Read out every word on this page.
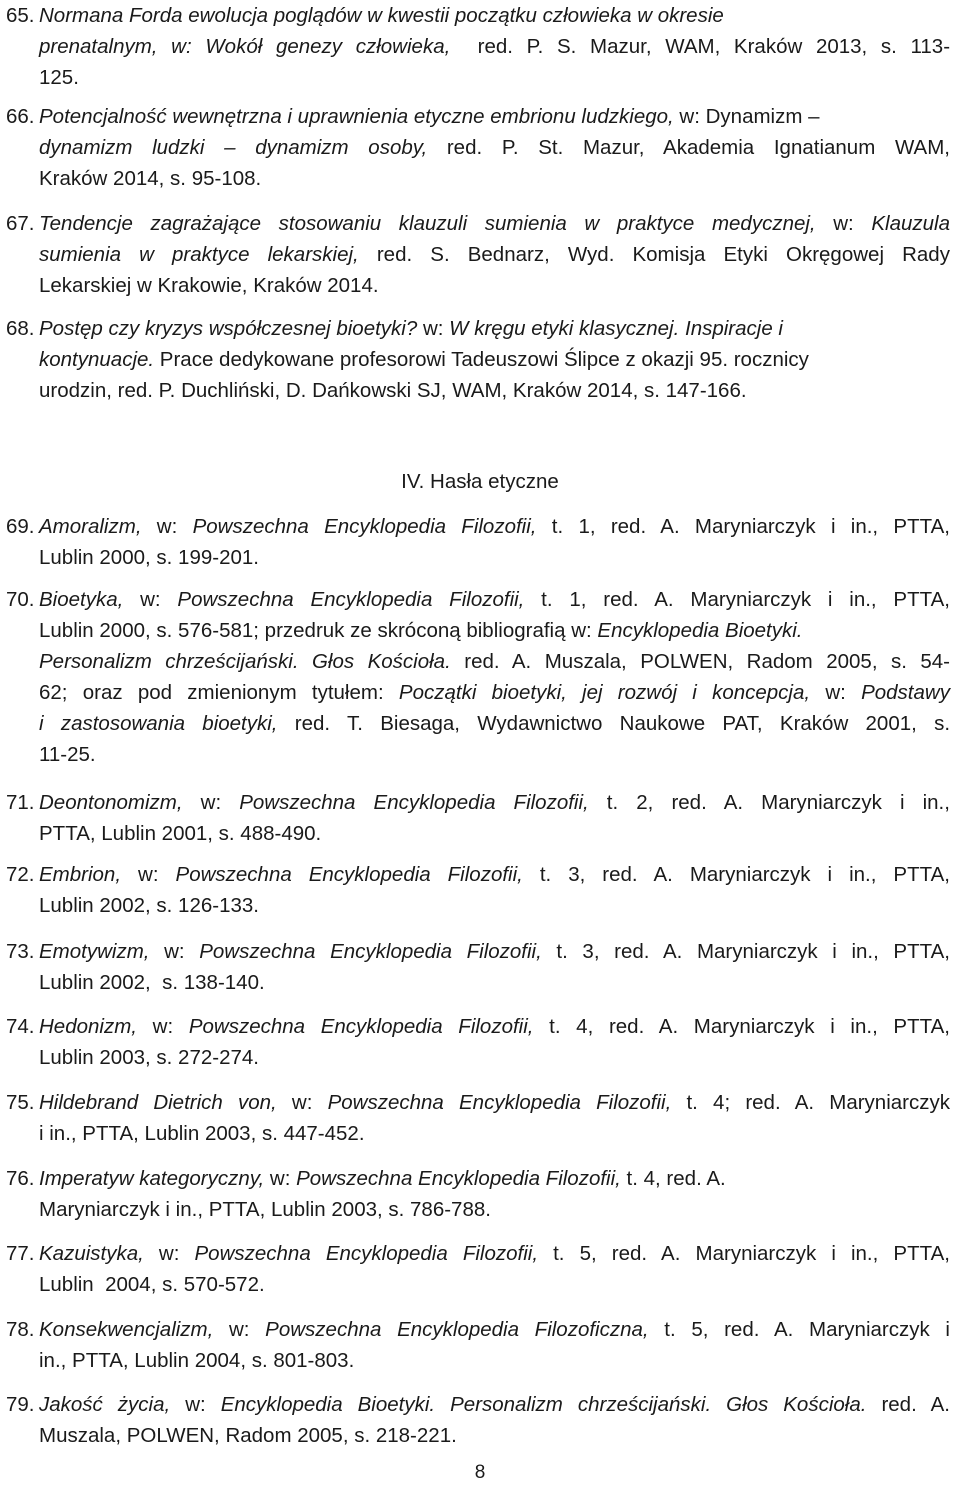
65. Normana Forda ewolucja poglądów w kwestii początku człowieka w okresie
prenatalnym, w: Wokół genezy człowieka,  red. P. S. Mazur, WAM, Kraków 2013, s. 113-
125.
66. Potencjalność wewnętrzna i uprawnienia etyczne embrionu ludzkiego, w: Dynamizm –
dynamizm ludzki – dynamizm osoby, red. P. St. Mazur, Akademia Ignatianum WAM,
Kraków 2014, s. 95-108.
67. Tendencje zagrażające stosowaniu klauzuli sumienia w praktyce medycznej, w: Klauzula
sumienia w praktyce lekarskiej, red. S. Bednarz, Wyd. Komisja Etyki Okręgowej Rady
Lekarskiej w Krakowie, Kraków 2014.
68. Postęp czy kryzys współczesnej bioetyki? w: W kręgu etyki klasycznej. Inspiracje i
kontynuacje. Prace dedykowane profesorowi Tadeuszowi Ślipce z okazji 95. rocznicy
urodzin, red. P. Duchliński, D. Dańkowski SJ, WAM, Kraków 2014, s. 147-166.
69. Amoralizm, w: Powszechna Encyklopedia Filozofii, t. 1, red. A. Maryniarczyk i in., PTTA,
Lublin 2000, s. 199-201.
70. Bioetyka, w: Powszechna Encyklopedia Filozofii, t. 1, red. A. Maryniarczyk i in., PTTA,
Lublin 2000, s. 576-581; przedruk ze skróconą bibliografią w: Encyklopedia Bioetyki.
Personalizm chrześcijański. Głos Kościoła. red. A. Muszala, POLWEN, Radom 2005, s. 54-
62; oraz pod zmienionym tytułem: Początki bioetyki, jej rozwój i koncepcja, w: Podstawy
i zastosowania bioetyki, red. T. Biesaga, Wydawnictwo Naukowe PAT, Kraków 2001, s.
11-25.
71. Deontonomizm, w: Powszechna Encyklopedia Filozofii, t. 2, red. A. Maryniarczyk i in.,
PTTA, Lublin 2001, s. 488-490.
72. Embrion, w: Powszechna Encyklopedia Filozofii, t. 3, red. A. Maryniarczyk i in., PTTA,
Lublin 2002, s. 126-133.
73. Emotywizm, w: Powszechna Encyklopedia Filozofii, t. 3, red. A. Maryniarczyk i in., PTTA,
Lublin 2002,  s. 138-140.
74. Hedonizm, w: Powszechna Encyklopedia Filozofii, t. 4, red. A. Maryniarczyk i in., PTTA,
Lublin 2003, s. 272-274.
75. Hildebrand Dietrich von, w: Powszechna Encyklopedia Filozofii, t. 4; red. A. Maryniarczyk
i in., PTTA, Lublin 2003, s. 447-452.
76. Imperatyw kategoryczny, w: Powszechna Encyklopedia Filozofii, t. 4, red. A.
Maryniarczyk i in., PTTA, Lublin 2003, s. 786-788.
77. Kazuistyka, w: Powszechna Encyklopedia Filozofii, t. 5, red. A. Maryniarczyk i in., PTTA,
Lublin  2004, s. 570-572.
78. Konsekwencjalizm, w: Powszechna Encyklopedia Filozoficzna, t. 5, red. A. Maryniarczyk i
in., PTTA, Lublin 2004, s. 801-803.
79. Jakość życia, w: Encyklopedia Bioetyki. Personalizm chrześcijański. Głos Kościoła. red. A.
Muszala, POLWEN, Radom 2005, s. 218-221.
IV. Hasła etyczne
8
